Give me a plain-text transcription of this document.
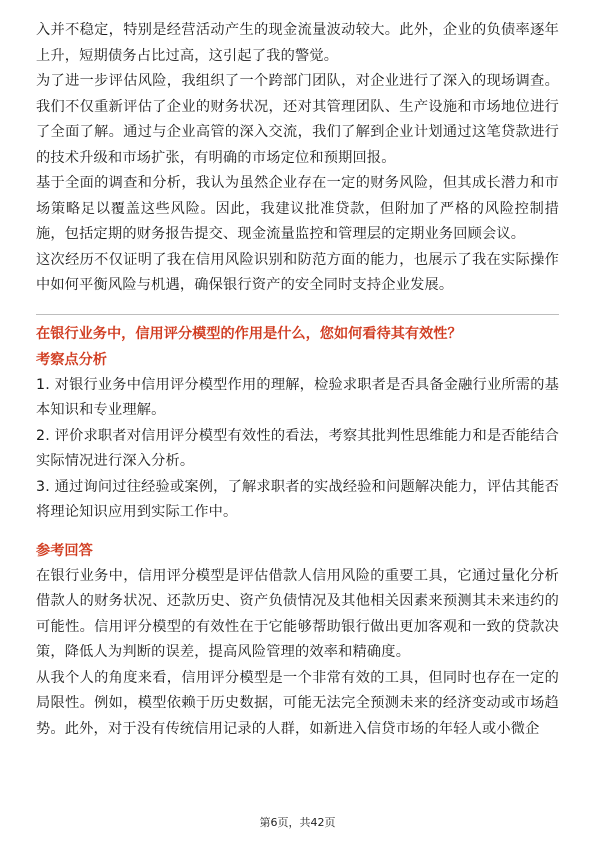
入并不稳定，特别是经营活动产生的现金流量波动较大。此外，企业的负债率逐年上升，短期债务占比过高，这引起了我的警觉。

为了进一步评估风险，我组织了一个跨部门团队，对企业进行了深入的现场调查。我们不仅重新评估了企业的财务状况，还对其管理团队、生产设施和市场地位进行了全面了解。通过与企业高管的深入交流，我们了解到企业计划通过这笔贷款进行的技术升级和市场扩张，有明确的市场定位和预期回报。

基于全面的调查和分析，我认为虽然企业存在一定的财务风险，但其成长潜力和市场策略足以覆盖这些风险。因此，我建议批准贷款，但附加了严格的风险控制措施，包括定期的财务报告提交、现金流量监控和管理层的定期业务回顾会议。

这次经历不仅证明了我在信用风险识别和防范方面的能力，也展示了我在实际操作中如何平衡风险与机遇，确保银行资产的安全同时支持企业发展。

在银行业务中，信用评分模型的作用是什么，您如何看待其有效性？

考察点分析

1. 对银行业务中信用评分模型作用的理解，检验求职者是否具备金融行业所需的基本知识和专业理解。

2. 评价求职者对信用评分模型有效性的看法，考察其批判性思维能力和是否能结合实际情况进行深入分析。

3. 通过询问过往经验或案例，了解求职者的实战经验和问题解决能力，评估其能否将理论知识应用到实际工作中。

参考回答

在银行业务中，信用评分模型是评估借款人信用风险的重要工具，它通过量化分析借款人的财务状况、还款历史、资产负债情况及其他相关因素来预测其未来违约的可能性。信用评分模型的有效性在于它能够帮助银行做出更加客观和一致的贷款决策，降低人为判断的误差，提高风险管理的效率和精确度。

从我个人的角度来看，信用评分模型是一个非常有效的工具，但同时也存在一定的局限性。例如，模型依赖于历史数据，可能无法完全预测未来的经济变动或市场趋势。此外，对于没有传统信用记录的人群，如新进入信贷市场的年轻人或小微企

第6页，共42页
